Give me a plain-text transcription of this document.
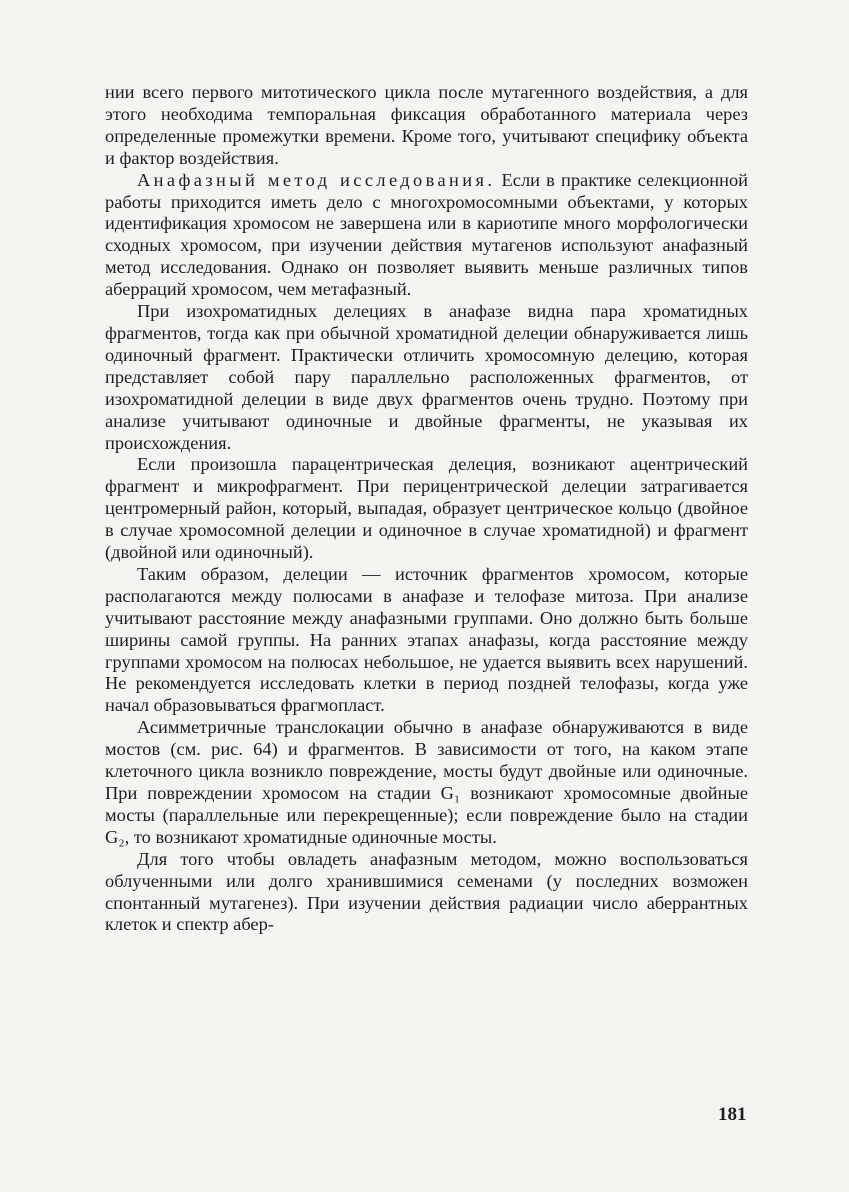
нии всего первого митотического цикла после мутагенного воздействия, а для этого необходима темпоральная фиксация обработанного материала через определенные промежутки времени. Кроме того, учитывают специфику объекта и фактор воздействия.

Анафазный метод исследования. Если в практике селекционной работы приходится иметь дело с многохромосомными объектами, у которых идентификация хромосом не завершена или в кариотипе много морфологически сходных хромосом, при изучении действия мутагенов используют анафазный метод исследования. Однако он позволяет выявить меньше различных типов аберраций хромосом, чем метафазный.

При изохроматидных делециях в анафазе видна пара хроматидных фрагментов, тогда как при обычной хроматидной делеции обнаруживается лишь одиночный фрагмент. Практически отличить хромосомную делецию, которая представляет собой пару параллельно расположенных фрагментов, от изохроматидной делеции в виде двух фрагментов очень трудно. Поэтому при анализе учитывают одиночные и двойные фрагменты, не указывая их происхождения.

Если произошла парацентрическая делеция, возникают ацентрический фрагмент и микрофрагмент. При перицентрической делеции затрагивается центромерный район, который, выпадая, образует центрическое кольцо (двойное в случае хромосомной делеции и одиночное в случае хроматидной) и фрагмент (двойной или одиночный).

Таким образом, делеции — источник фрагментов хромосом, которые располагаются между полюсами в анафазе и телофазе митоза. При анализе учитывают расстояние между анафазными группами. Оно должно быть больше ширины самой группы. На ранних этапах анафазы, когда расстояние между группами хромосом на полюсах небольшое, не удается выявить всех нарушений. Не рекомендуется исследовать клетки в период поздней телофазы, когда уже начал образовываться фрагмопласт.

Асимметричные транслокации обычно в анафазе обнаруживаются в виде мостов (см. рис. 64) и фрагментов. В зависимости от того, на каком этапе клеточного цикла возникло повреждение, мосты будут двойные или одиночные. При повреждении хромосом на стадии G₁ возникают хромосомные двойные мосты (параллельные или перекрещенные); если повреждение было на стадии G₂, то возникают хроматидные одиночные мосты.

Для того чтобы овладеть анафазным методом, можно воспользоваться облученными или долго хранившимися семенами (у последних возможен спонтанный мутагенез). При изучении действия радиации число аберрантных клеток и спектр абер-

181
